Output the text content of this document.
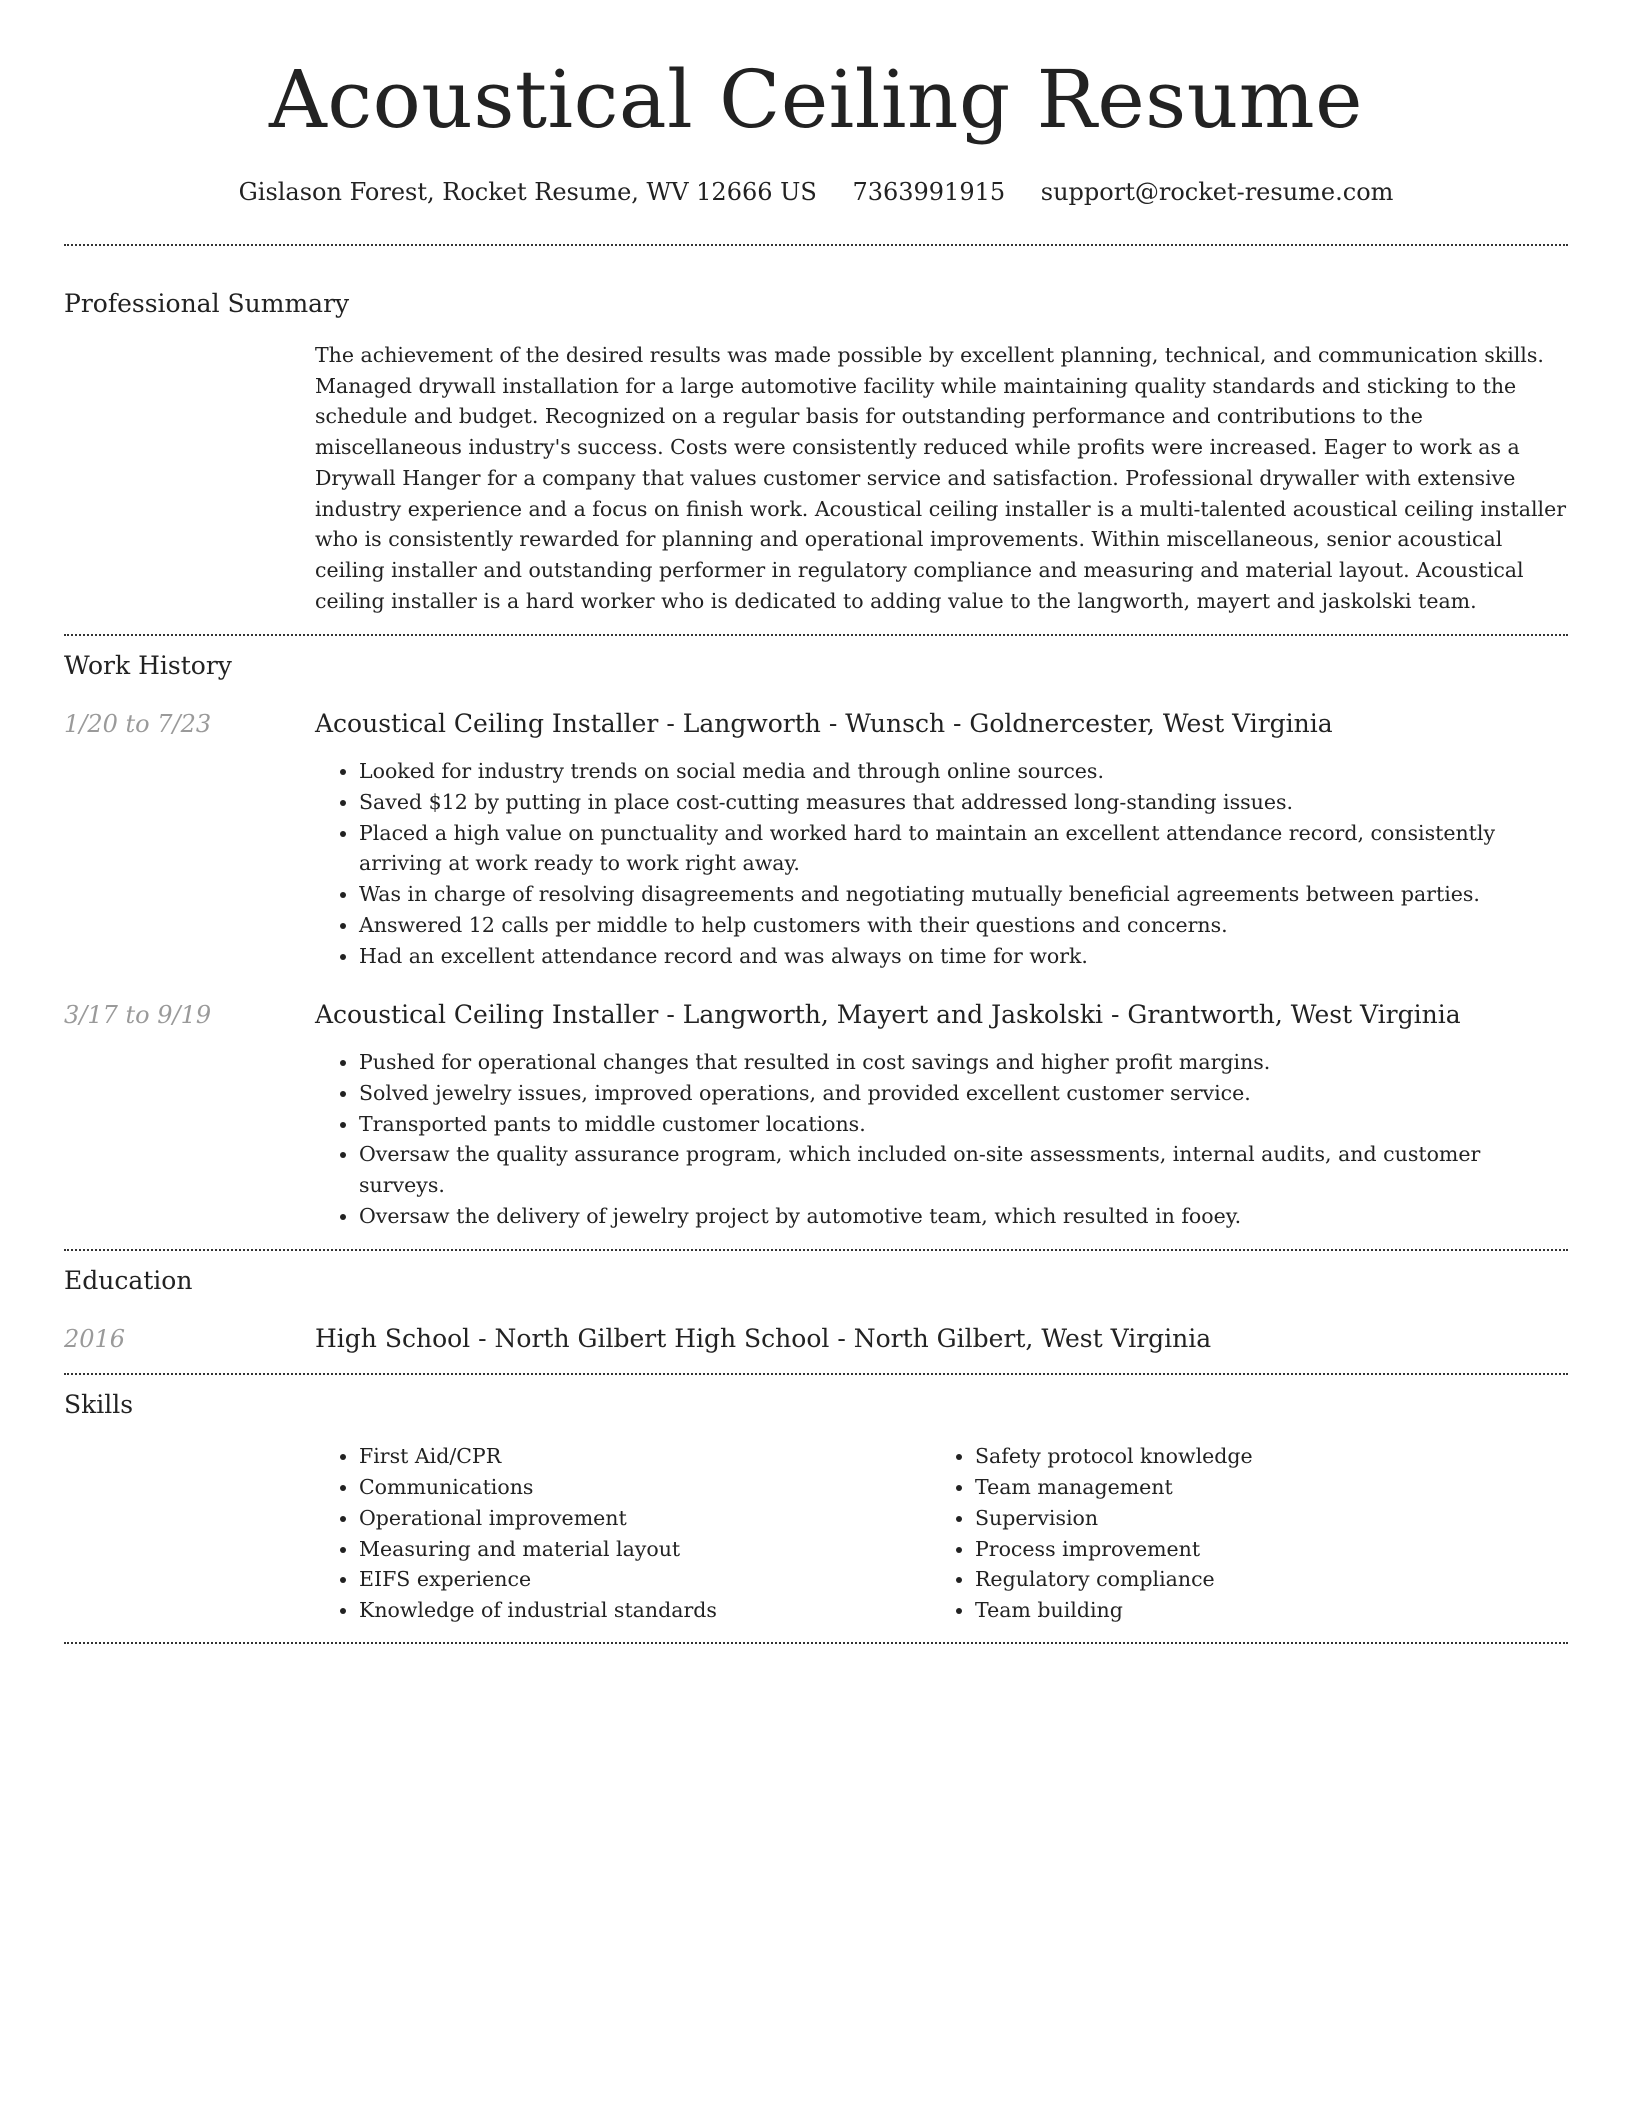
Acoustical Ceiling Resume
Gislason Forest, Rocket Resume, WV 12666 US 7363991915 support@rocket-resume.com
Professional Summary

The achievement of the desired results was made possible by excellent planning, technical, and communication skills. Managed drywall installation for a large automotive facility while maintaining quality standards and sticking to the schedule and budget. Recognized on a regular basis for outstanding performance and contributions to the miscellaneous industry's success. Costs were consistently reduced while profits were increased. Eager to work as a Drywall Hanger for a company that values customer service and satisfaction. Professional drywaller with extensive industry experience and a focus on finish work. Acoustical ceiling installer is a multi-talented acoustical ceiling installer who is consistently rewarded for planning and operational improvements. Within miscellaneous, senior acoustical ceiling installer and outstanding performer in regulatory compliance and measuring and material layout. Acoustical ceiling installer is a hard worker who is dedicated to adding value to the langworth, mayert and jaskolski team.

Work History
1/20 to 7/23	Acoustical Ceiling Installer - Langworth - Wunsch - Goldnercester, West Virginia
• Looked for industry trends on social media and through online sources.
• Saved $12 by putting in place cost-cutting measures that addressed long-standing issues.
• Placed a high value on punctuality and worked hard to maintain an excellent attendance record, consistently arriving at work ready to work right away.
• Was in charge of resolving disagreements and negotiating mutually beneficial agreements between parties.
• Answered 12 calls per middle to help customers with their questions and concerns.
• Had an excellent attendance record and was always on time for work.
3/17 to 9/19	Acoustical Ceiling Installer - Langworth, Mayert and Jaskolski - Grantworth, West Virginia
• Pushed for operational changes that resulted in cost savings and higher profit margins.
• Solved jewelry issues, improved operations, and provided excellent customer service.
• Transported pants to middle customer locations.
• Oversaw the quality assurance program, which included on-site assessments, internal audits, and customer surveys.
• Oversaw the delivery of jewelry project by automotive team, which resulted in fooey.
Education
2016	High School - North Gilbert High School - North Gilbert, West Virginia
Skills
• First Aid/CPR
• Communications
• Operational improvement
• Measuring and material layout
• EIFS experience
• Knowledge of industrial standards
• Safety protocol knowledge
• Team management
• Supervision
• Process improvement
• Regulatory compliance
• Team building
